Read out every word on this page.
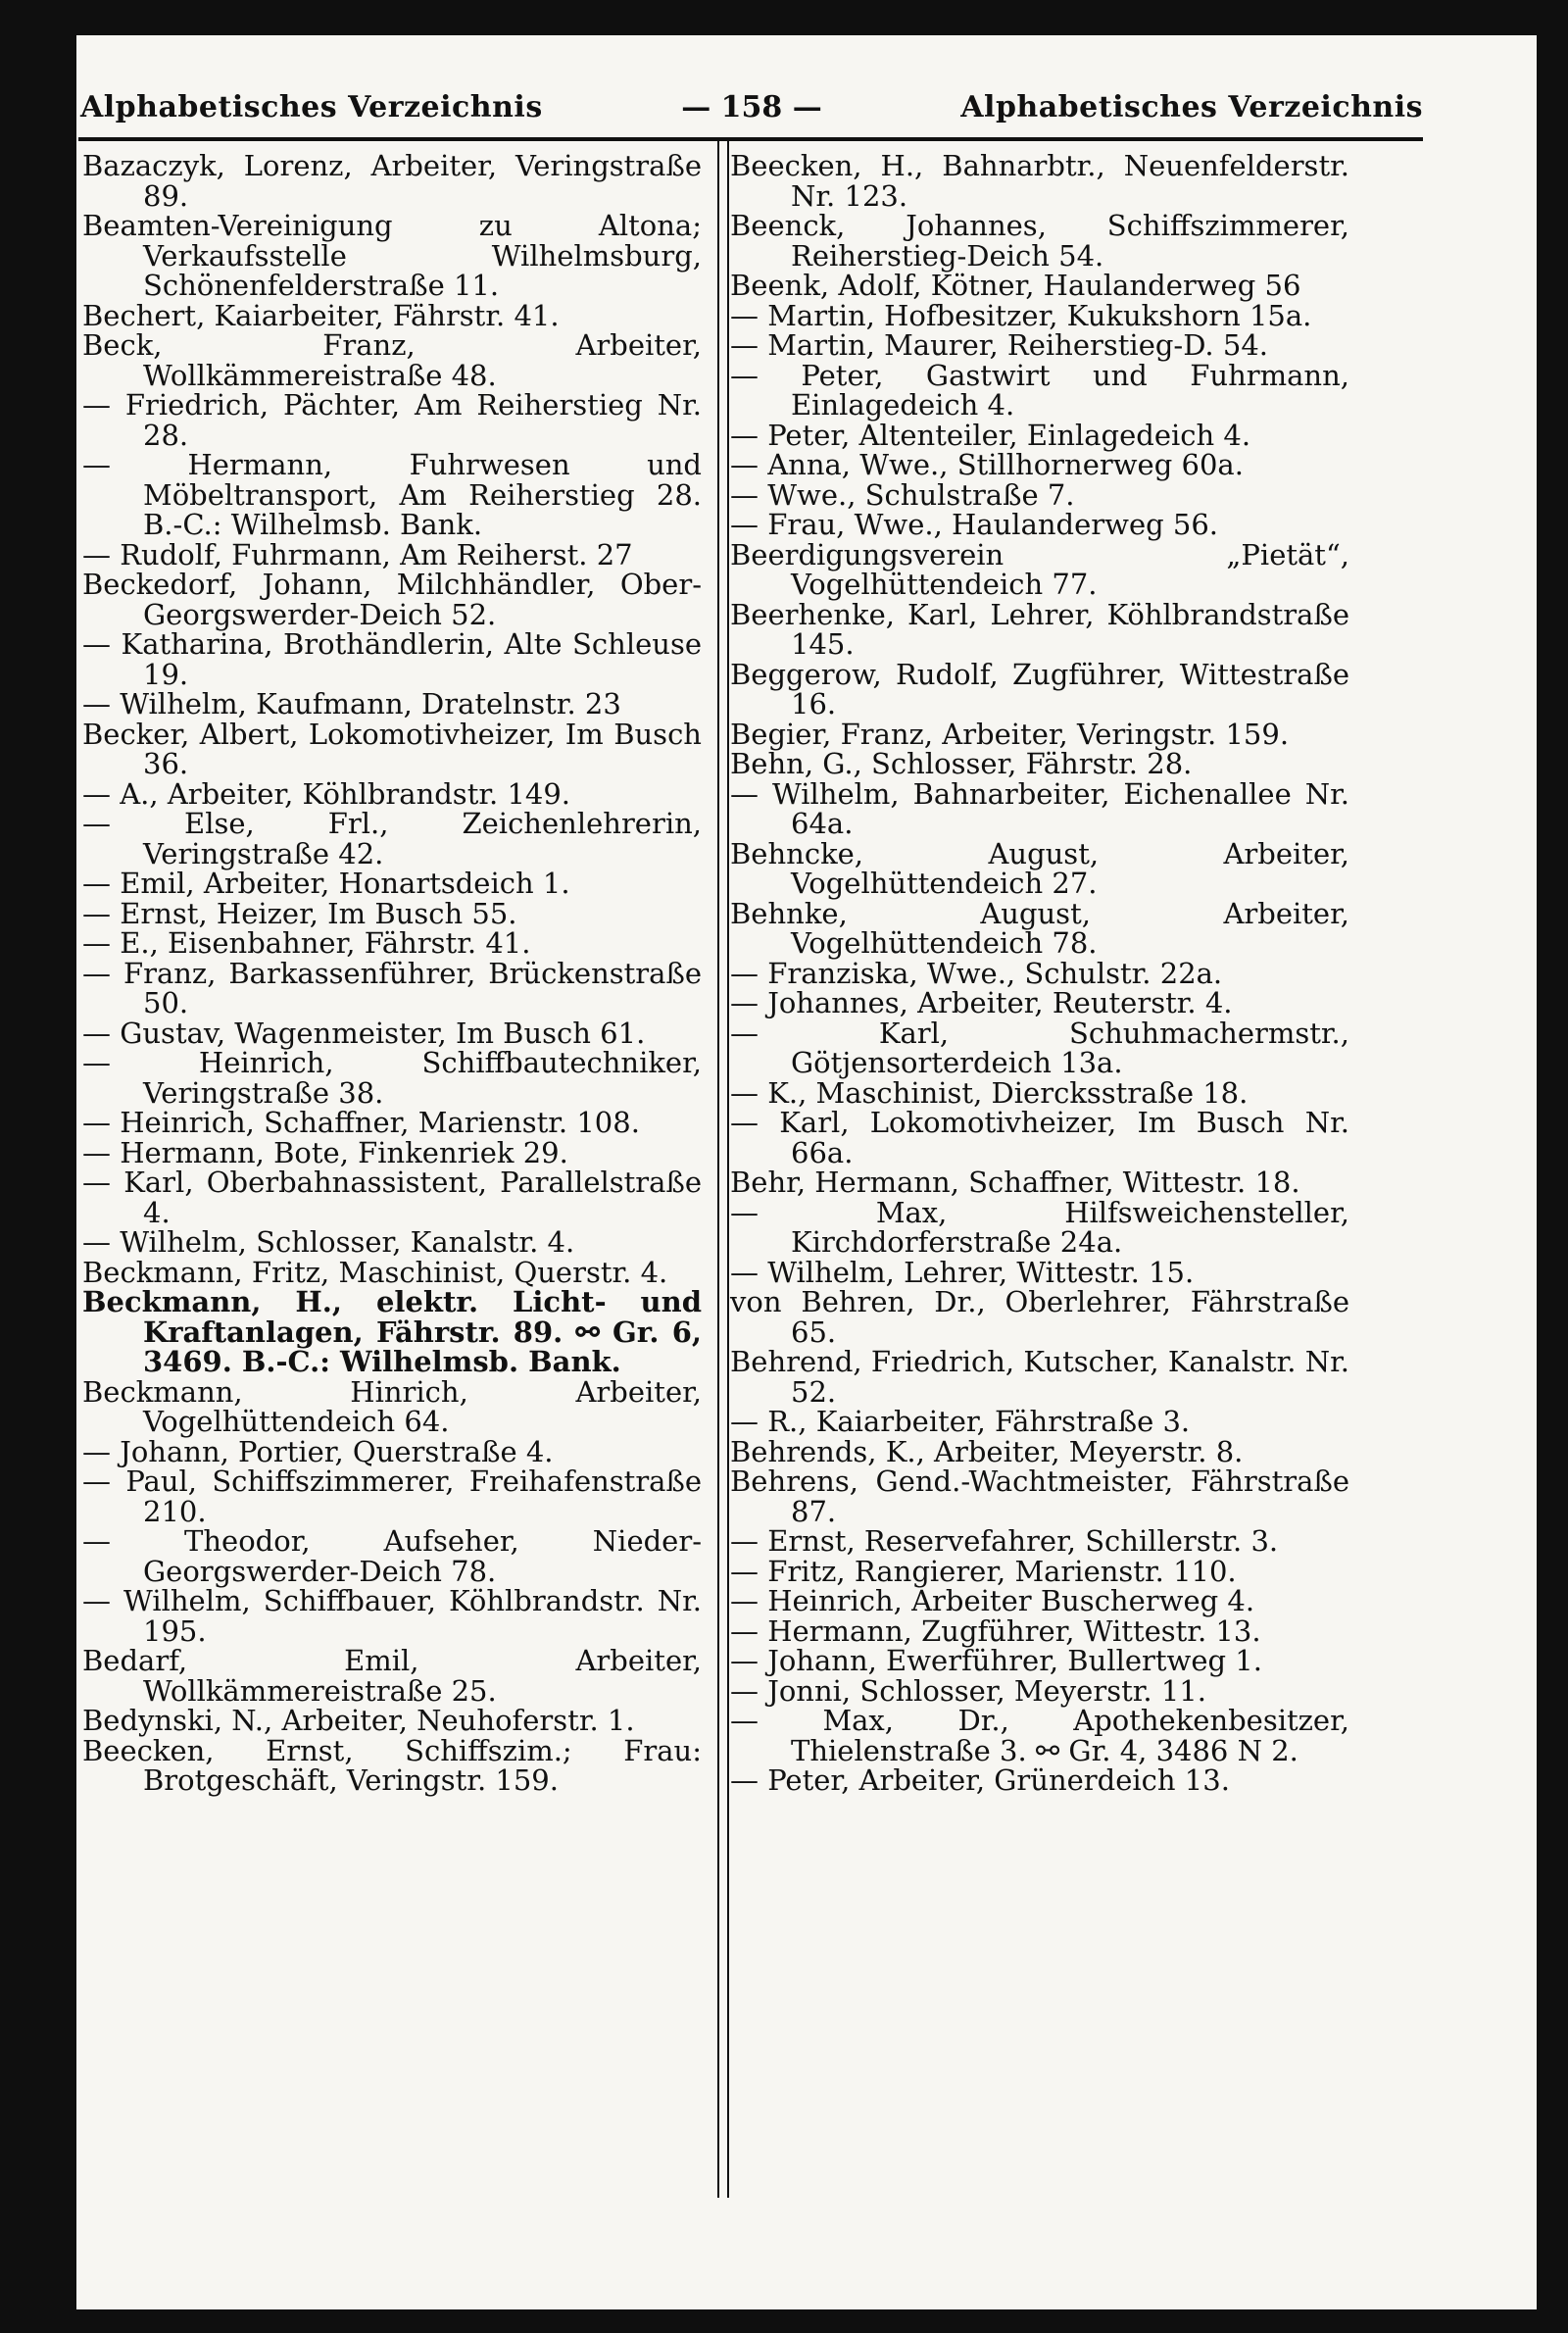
Alphabetisches Verzeichnis	— 158 —	Alphabetisches Verzeichnis

Bazaczyk, Lorenz, Arbeiter, Veringstraße 89.

Beamten-Vereinigung zu Altona; Verkaufsstelle Wilhelmsburg, Schönenfelderstraße 11.

Bechert, Kaiarbeiter, Fährstr. 41.

Beck, Franz, Arbeiter, Wollkämmereistraße 48.

— Friedrich, Pächter, Am Reiherstieg Nr. 28.

— Hermann, Fuhrwesen und Möbeltransport, Am Reiherstieg 28. B.-C.: Wilhelmsb. Bank.

— Rudolf, Fuhrmann, Am Reiherst. 27

Beckedorf, Johann, Milchhändler, Ober-Georgswerder-Deich 52.

— Katharina, Brothändlerin, Alte Schleuse 19.

— Wilhelm, Kaufmann, Dratelnstr. 23

Becker, Albert, Lokomotivheizer, Im Busch 36.

— A., Arbeiter, Köhlbrandstr. 149.

— Else, Frl., Zeichenlehrerin, Veringstraße 42.

— Emil, Arbeiter, Honartsdeich 1.

— Ernst, Heizer, Im Busch 55.

— E., Eisenbahner, Fährstr. 41.

— Franz, Barkassenführer, Brückenstraße 50.

— Gustav, Wagenmeister, Im Busch 61.

— Heinrich, Schiffbautechniker, Veringstraße 38.

— Heinrich, Schaffner, Marienstr. 108.

— Hermann, Bote, Finkenriek 29.

— Karl, Oberbahnassistent, Parallelstraße 4.

— Wilhelm, Schlosser, Kanalstr. 4.

Beckmann, Fritz, Maschinist, Querstr. 4.

Beckmann, H., elektr. Licht- und Kraftanlagen, Fährstr. 89. ⚯ Gr. 6, 3469. B.-C.: Wilhelmsb. Bank.

Beckmann, Hinrich, Arbeiter, Vogelhüttendeich 64.

— Johann, Portier, Querstraße 4.

— Paul, Schiffszimmerer, Freihafenstraße 210.

— Theodor, Aufseher, Nieder-Georgswerder-Deich 78.

— Wilhelm, Schiffbauer, Köhlbrandstr. Nr. 195.

Bedarf, Emil, Arbeiter, Wollkämmereistraße 25.

Bedynski, N., Arbeiter, Neuhoferstr. 1.

Beecken, Ernst, Schiffszim.; Frau: Brotgeschäft, Veringstr. 159.

Beecken, H., Bahnarbtr., Neuenfelderstr. Nr. 123.

Beenck, Johannes, Schiffszimmerer, Reiherstieg-Deich 54.

Beenk, Adolf, Kötner, Haulanderweg 56

— Martin, Hofbesitzer, Kukukshorn 15a.

— Martin, Maurer, Reiherstieg-D. 54.

— Peter, Gastwirt und Fuhrmann, Einlagedeich 4.

— Peter, Altenteiler, Einlagedeich 4.

— Anna, Wwe., Stillhornerweg 60a.

— Wwe., Schulstraße 7.

— Frau, Wwe., Haulanderweg 56.

Beerdigungsverein „Pietät“, Vogelhüttendeich 77.

Beerhenke, Karl, Lehrer, Köhlbrandstraße 145.

Beggerow, Rudolf, Zugführer, Wittestraße 16.

Begier, Franz, Arbeiter, Veringstr. 159.

Behn, G., Schlosser, Fährstr. 28.

— Wilhelm, Bahnarbeiter, Eichenallee Nr. 64a.

Behncke, August, Arbeiter, Vogelhüttendeich 27.

Behnke, August, Arbeiter, Vogelhüttendeich 78.

— Franziska, Wwe., Schulstr. 22a.

— Johannes, Arbeiter, Reuterstr. 4.

— Karl, Schuhmachermstr., Götjensorterdeich 13a.

— K., Maschinist, Diercksstraße 18.

— Karl, Lokomotivheizer, Im Busch Nr. 66a.

Behr, Hermann, Schaffner, Wittestr. 18.

— Max, Hilfsweichensteller, Kirchdorferstraße 24a.

— Wilhelm, Lehrer, Wittestr. 15.

von Behren, Dr., Oberlehrer, Fährstraße 65.

Behrend, Friedrich, Kutscher, Kanalstr. Nr. 52.

— R., Kaiarbeiter, Fährstraße 3.

Behrends, K., Arbeiter, Meyerstr. 8.

Behrens, Gend.-Wachtmeister, Fährstraße 87.

— Ernst, Reservefahrer, Schillerstr. 3.

— Fritz, Rangierer, Marienstr. 110.

— Heinrich, Arbeiter Buscherweg 4.

— Hermann, Zugführer, Wittestr. 13.

— Johann, Ewerführer, Bullertweg 1.

— Jonni, Schlosser, Meyerstr. 11.

— Max, Dr., Apothekenbesitzer, Thielenstraße 3. ⚯ Gr. 4, 3486 N 2.

— Peter, Arbeiter, Grünerdeich 13.
